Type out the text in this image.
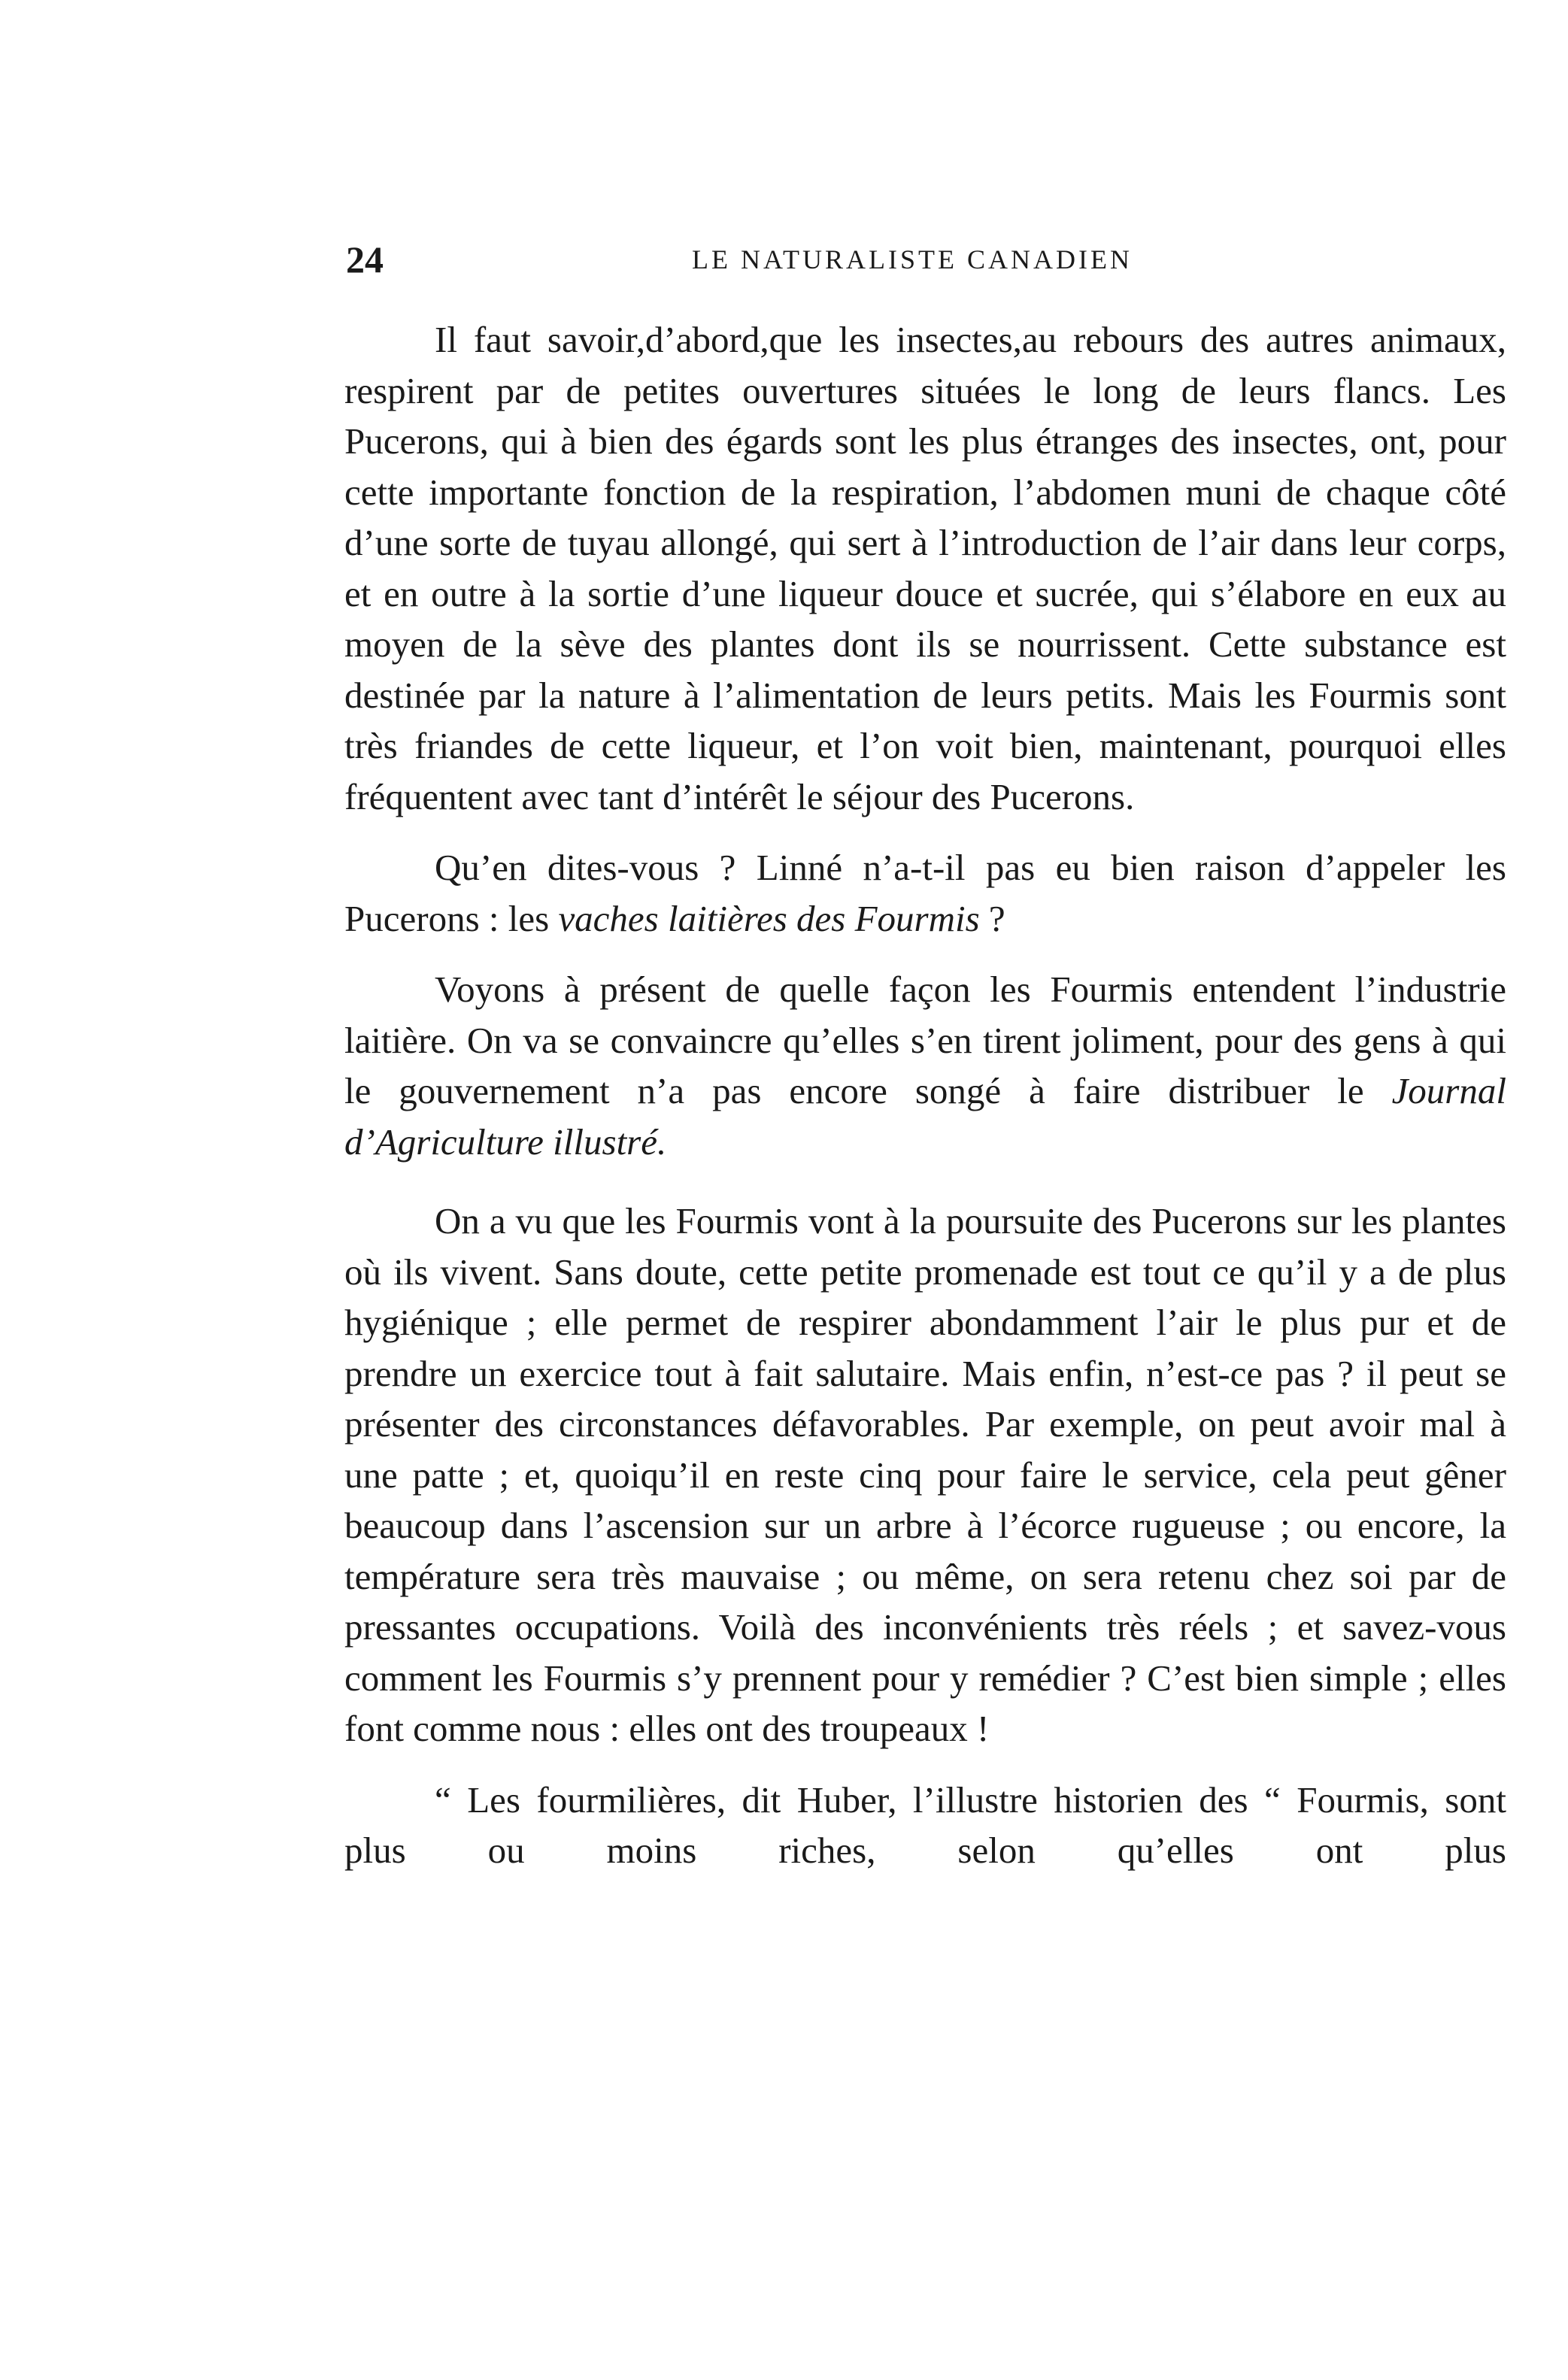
24	LE NATURALISTE CANADIEN

Il faut savoir,d’abord,que les insectes,au rebours des autres animaux, respirent par de petites ouvertures situées le long de leurs flancs. Les Pucerons, qui à bien des égards sont les plus étranges des insectes, ont, pour cette importante fonction de la respiration, l’abdomen muni de chaque côté d’une sorte de tuyau allongé, qui sert à l’introduction de l’air dans leur corps, et en outre à la sortie d’une liqueur douce et sucrée, qui s’élabore en eux au moyen de la sève des plantes dont ils se nourrissent. Cette substance est destinée par la nature à l’alimentation de leurs petits. Mais les Fourmis sont très friandes de cette liqueur, et l’on voit bien, maintenant, pourquoi elles fréquentent avec tant d’intérêt le séjour des Pucerons.

Qu’en dites-vous ? Linné n’a-t-il pas eu bien raison d’appeler les Pucerons : les vaches laitières des Fourmis ?

Voyons à présent de quelle façon les Fourmis entendent l’industrie laitière. On va se convaincre qu’elles s’en tirent joliment, pour des gens à qui le gouvernement n’a pas encore songé à faire distribuer le Journal d’Agriculture illustré.

On a vu que les Fourmis vont à la poursuite des Pucerons sur les plantes où ils vivent. Sans doute, cette petite promenade est tout ce qu’il y a de plus hygiénique ; elle permet de respirer abondamment l’air le plus pur et de prendre un exercice tout à fait salutaire. Mais enfin, n’est-ce pas ? il peut se présenter des circonstances défavorables. Par exemple, on peut avoir mal à une patte ; et, quoiqu’il en reste cinq pour faire le service, cela peut gêner beaucoup dans l’ascension sur un arbre à l’écorce rugueuse ; ou encore, la température sera très mauvaise ; ou même, on sera retenu chez soi par de pressantes occupations. Voilà des inconvénients très réels ; et savez-vous comment les Fourmis s’y prennent pour y remédier ? C’est bien simple ; elles font comme nous : elles ont des troupeaux !

“ Les fourmilières, dit Huber, l’illustre historien des “ Fourmis, sont plus ou moins riches, selon qu’elles ont plus
